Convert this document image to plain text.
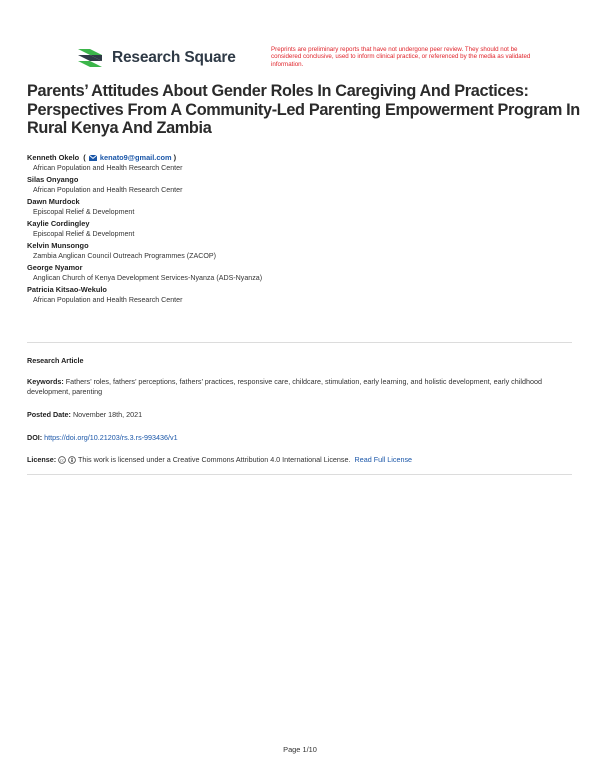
Research Square	Preprints are preliminary reports that have not undergone peer review. They should not be considered conclusive, used to inform clinical practice, or referenced by the media as validated information.
Parents’ Attitudes About Gender Roles In Caregiving And Practices: Perspectives From A Community-Led Parenting Empowerment Program In Rural Kenya And Zambia
Kenneth Okelo  (  kenato9@gmail.com )
African Population and Health Research Center
Silas Onyango
African Population and Health Research Center
Dawn Murdock
Episcopal Relief & Development
Kaylie Cordingley
Episcopal Relief & Development
Kelvin Munsongo
Zambia Anglican Council Outreach Programmes (ZACOP)
George Nyamor
Anglican Church of Kenya Development Services-Nyanza (ADS-Nyanza)
Patricia Kitsao-Wekulo
African Population and Health Research Center
Research Article
Keywords: Fathers’ roles, fathers’ perceptions, fathers’ practices, responsive care, childcare, stimulation, early learning, and holistic development, early childhood development, parenting
Posted Date: November 18th, 2021
DOI: https://doi.org/10.21203/rs.3.rs-993436/v1
License: cc This work is licensed under a Creative Commons Attribution 4.0 International License. Read Full License
Page 1/10
